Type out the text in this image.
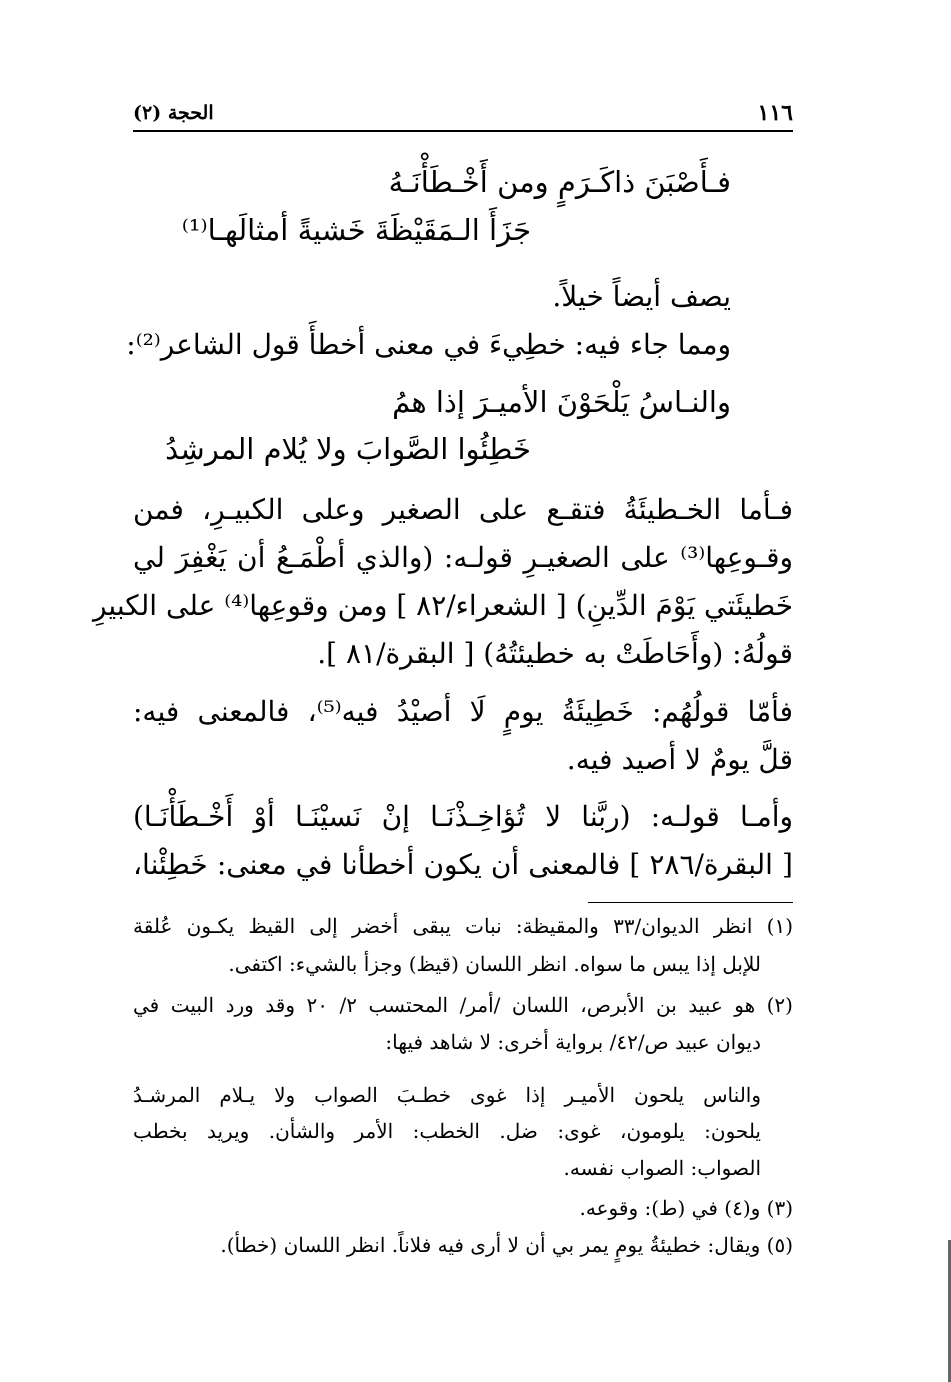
١١٦
الحجة (٢)
فـأَصْبَنَ ذاكَـرَمٍ ومن أَخْـطَأْنَـهُ
جَزَأَ الـمَقَيْظَةَ خَشيةً أمثالَهـا⁽¹⁾
يصف أيضاً خيلاً.
ومما جاء فيه: خطِيءَ في معنى أخطأَ قول الشاعر⁽²⁾:
والنـاسُ يَلْحَوْنَ الأميـرَ إذا همُ
خَطِئُوا الصَّوابَ ولا يُلام المرشِدُ
فـأما الخـطيئَةُ فتقـع على الصغير وعلى الكبيـرِ، فمن
وقـوعِها⁽³⁾ على الصغيـرِ قولـه: (والذي أطْمَـعُ أن يَغْفِرَ لي
خَطيئَتي يَوْمَ الدِّينِ) [ الشعراء/٨٢ ] ومن وقوعِها⁽⁴⁾ على الكبيرِ
قولُهُ: (وأَحَاطَتْ به خطيئتُهُ) [ البقرة/٨١ ].
فأمّا قولُهُم: خَطِيئَةُ يومٍ لَا أصيْدُ فيه⁽⁵⁾، فالمعنى فيه:
قلَّ يومٌ لا أصيد فيه.
وأمـا قولـه: (ربَّنا لا تُؤاخِـذْنَـا إنْ نَسيْنَـا أوْ أَخْـطَأْنَـا)
[ البقرة/٢٨٦ ] فالمعنى أن يكون أخطأنا في معنى: خَطِئْنا،
(١) انظر الديوان/٣٣ والمقيظة: نبات يبقى أخضر إلى القيظ يكـون عُلقة
للإبل إذا يبس ما سواه. انظر اللسان (قيظ) وجزأ بالشيء: اكتفى.
(٢) هو عبيد بن الأبرص، اللسان /أمر/ المحتسب ٢/ ٢٠ وقد ورد البيت في
ديوان عبيد ص/٤٢/ برواية أخرى: لا شاهد فيها:
والناس يلحون الأميـر إذا غوى خطـبَ الصواب ولا يـلام المرشـدُ
يلحون: يلومون، غوى: ضل. الخطب: الأمر والشأن. ويريد بخطب
الصواب: الصواب نفسه.
(٣) و(٤) في (ط): وقوعه.
(٥) ويقال: خطيئةُ يومٍ يمر بي أن لا أرى فيه فلاناً. انظر اللسان (خطأ).
